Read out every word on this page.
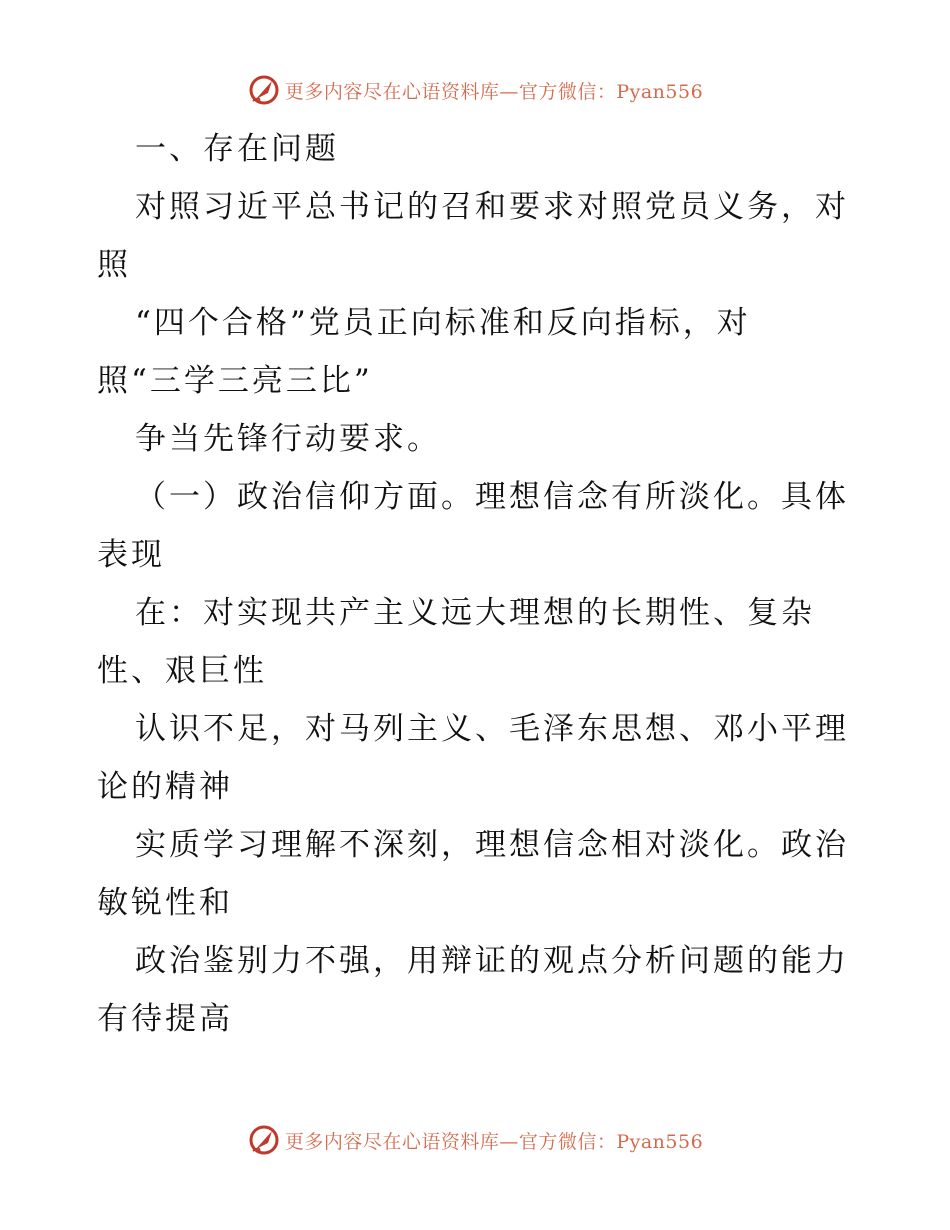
更多内容尽在心语资料库—官方微信：Pyan556
一、存在问题
对照习近平总书记的召和要求对照党员义务，对
照
“四个合格”党员正向标准和反向指标，对
照“三学三亮三比”
争当先锋行动要求。
（一）政治信仰方面。理想信念有所淡化。具体
表现
在：对实现共产主义远大理想的长期性、复杂
性、艰巨性
认识不足，对马列主义、毛泽东思想、邓小平理
论的精神
实质学习理解不深刻，理想信念相对淡化。政治
敏锐性和
政治鉴别力不强，用辩证的观点分析问题的能力
有待提高
更多内容尽在心语资料库—官方微信：Pyan556
